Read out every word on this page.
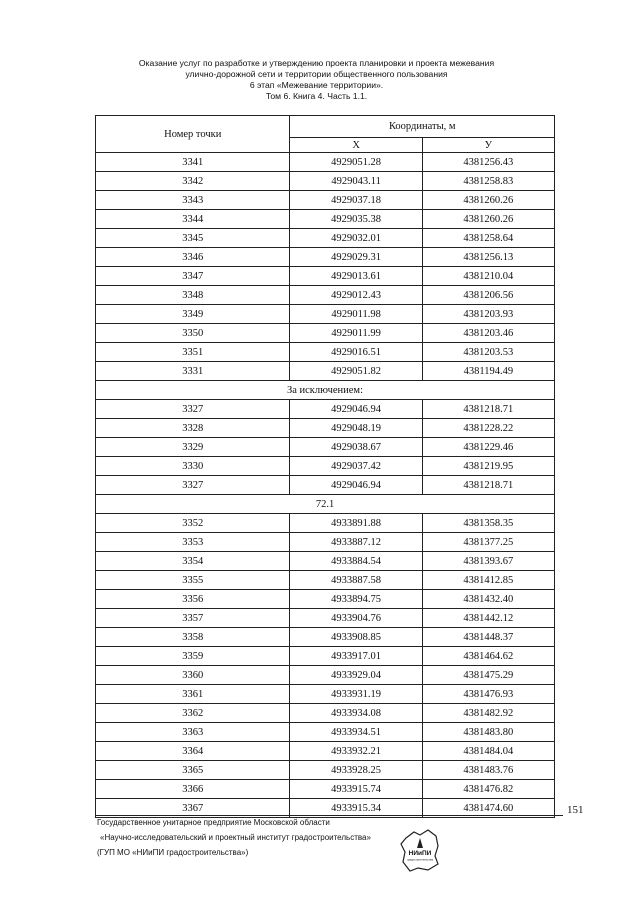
Оказание услуг по разработке и утверждению проекта планировки и проекта межевания
улично-дорожной сети и территории общественного пользования
6 этап «Межевание территории».
Том 6. Книга 4. Часть 1.1.
Номер точки	Координаты, м	
	X	У
3341	4929051.28	4381256.43
3342	4929043.11	4381258.83
3343	4929037.18	4381260.26
3344	4929035.38	4381260.26
3345	4929032.01	4381258.64
3346	4929029.31	4381256.13
3347	4929013.61	4381210.04
3348	4929012.43	4381206.56
3349	4929011.98	4381203.93
3350	4929011.99	4381203.46
3351	4929016.51	4381203.53
3331	4929051.82	4381194.49
За исключением:		
3327	4929046.94	4381218.71
3328	4929048.19	4381228.22
3329	4929038.67	4381229.46
3330	4929037.42	4381219.95
3327	4929046.94	4381218.71
72.1		
3352	4933891.88	4381358.35
3353	4933887.12	4381377.25
3354	4933884.54	4381393.67
3355	4933887.58	4381412.85
3356	4933894.75	4381432.40
3357	4933904.76	4381442.12
3358	4933908.85	4381448.37
3359	4933917.01	4381464.62
3360	4933929.04	4381475.29
3361	4933931.19	4381476.93
3362	4933934.08	4381482.92
3363	4933934.51	4381483.80
3364	4933932.21	4381484.04
3365	4933928.25	4381483.76
3366	4933915.74	4381476.82
3367	4933915.34	4381474.60	151
Государственное унитарное предприятие Московской области
«Научно-исследовательский и проектный институт градостроительства»
(ГУП МО «НИиПИ градостроительства»)	НИиПИ
градостроительства
